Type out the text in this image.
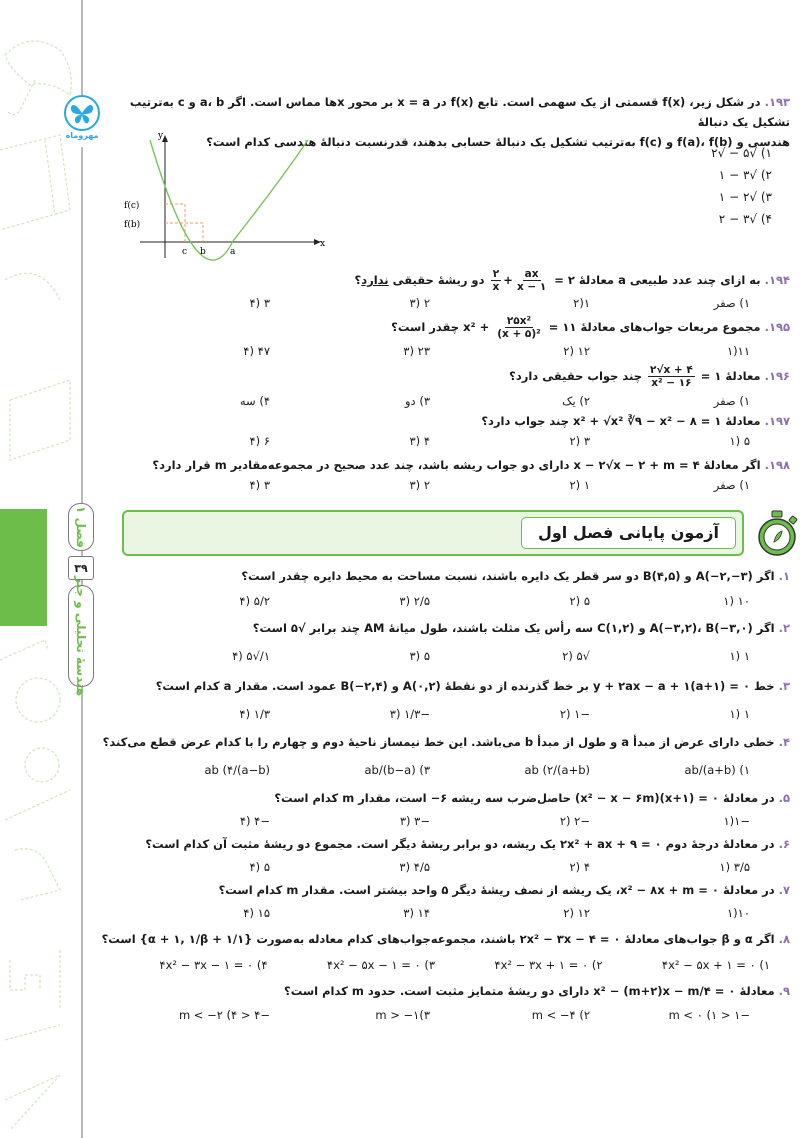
مهروماه
فصل ۱
۳۹
هندسهٔ تحلیلی و جبر
۱۹۳. در شکل زیر، f(x) قسمتی از یک سهمی است. تابع f(x) در x = a بر محور xها مماس است. اگر a، b و c به‌ترتیب تشکیل یک دنبالهٔ
هندسی و f(a)، f(b) و f(c) به‌ترتیب تشکیل یک دنبالهٔ حسابی بدهند، قدرنسبت دنبالهٔ هندسی کدام است؟
۱) √۵ − √۲
۲) √۳ − ۱
۳) √۲ − ۱
۴) √۳ − ۲
y
x
f(c)
f(b)
c b	a
۱۹۴. به ازای چند عدد طبیعی a معادلهٔ ۲ =
$\frac{ax}{x - ۱}$
+
$\frac{۲}{x}$
دو ریشهٔ حقیقی ندارد؟
۱) صفر
۱(۲
۲ (۳
۳ (۴
۱۹۵. مجموع مربعات جواب‌های معادلهٔ ۱۱ =
$\frac{\text{۲۵x²}}{\text{(x + ۵)²}}$
+ x² چقدر است؟
۱۱(۱
۱۲ (۲
۲۳ (۳
۴۷ (۴
۱۹۶. معادلهٔ ۱ =
$\frac{۲√x + ۴}{\text{x² − ۱۶}}$
چند جواب حقیقی دارد؟
۱) صفر
۲) یک
۳) دو
۴) سه
۱۹۷. معادلهٔ ۱ = ۸ − x² + √x² ∛۹ − x² چند جواب دارد؟
۵ (۱
۳ (۲
۴ (۳
۶ (۴
۱۹۸. اگر معادلهٔ ۴ = x − ۲√x − ۲ + m دارای دو جواب ریشه باشد، چند عدد صحیح در مجموعه‌مقادیر m قرار دارد؟
۱) صفر
۱ (۲
۲ (۳
۳ (۴
آزمون پایانی فصل اول
۱. اگر A(−۲,−۳) و B(۴,۵) دو سر قطر یک دایره باشند، نسبت مساحت به محیط دایره چقدر است؟
۱۰ (۱
۵ (۲
۲/۵ (۳
۵/۲ (۴
۲. اگر A(−۳,۲)، B(−۳,۰) و C(۱,۲) سه رأس یک مثلث باشند، طول میانهٔ AM چند برابر √۵ است؟
۱ (۱
√۵ (۲
۵ (۳
۱/√۵ (۴
۳. خط ۰ = (a+۱)y + ۲ax − a + ۱ بر خط گذرنده از دو نقطهٔ A(۰,۲) و B(−۲,۴) عمود است. مقدار a کدام است؟
۱ (۱
−۱ (۲
−۱/۳ (۳
۱/۳ (۴
۴. خطی دارای عرض از مبدأ a و طول از مبدأ b می‌باشد. این خط نیمساز ناحیهٔ دوم و چهارم را با کدام عرض قطع می‌کند؟
ab/(a+b) (۱
(a+b)/ab (۲
ab/(b−a) (۳
(a−b)/ab (۴
۵. در معادلهٔ ۰ = (x+۱)(x² − x − ۶m) حاصل‌ضرب سه ریشه ۶− است، مقدار m کدام است؟
−۱(۱
−۲ (۲
−۳ (۳
−۴ (۴
۶. در معادلهٔ درجهٔ دوم ۰ = ۲x² + ax + ۹ یک ریشه، دو برابر ریشهٔ دیگر است. مجموع دو ریشهٔ مثبت آن کدام است؟
۳/۵ (۱
۴ (۲
۴/۵ (۳
۵ (۴
۷. در معادلهٔ ۰ = x² − ۸x + m، یک ریشه از نصف ریشهٔ دیگر ۵ واحد بیشتر است. مقدار m کدام است؟
۱۰(۱
۱۲ (۲
۱۴ (۳
۱۵ (۴
۸. اگر α و β جواب‌های معادلهٔ ۰ = ۲x² − ۳x − ۴ باشند، مجموعه‌جواب‌های کدام معادله به‌صورت {۱/α + ۱, ۱/β + ۱} است؟
۴x² − ۵x + ۱ = ۰ (۱
۴x² − ۳x + ۱ = ۰ (۲
۴x² − ۵x − ۱ = ۰ (۳
۴x² − ۳x − ۱ = ۰ (۴
۹. معادلهٔ ۰ = x² − (m+۲)x − m/۴ دارای دو ریشهٔ متمایز مثبت است. حدود m کدام است؟
−۱ < m < ۰ (۱
m < −۴ (۲
m > −۱(۳
−۴ < m < −۲ (۴
